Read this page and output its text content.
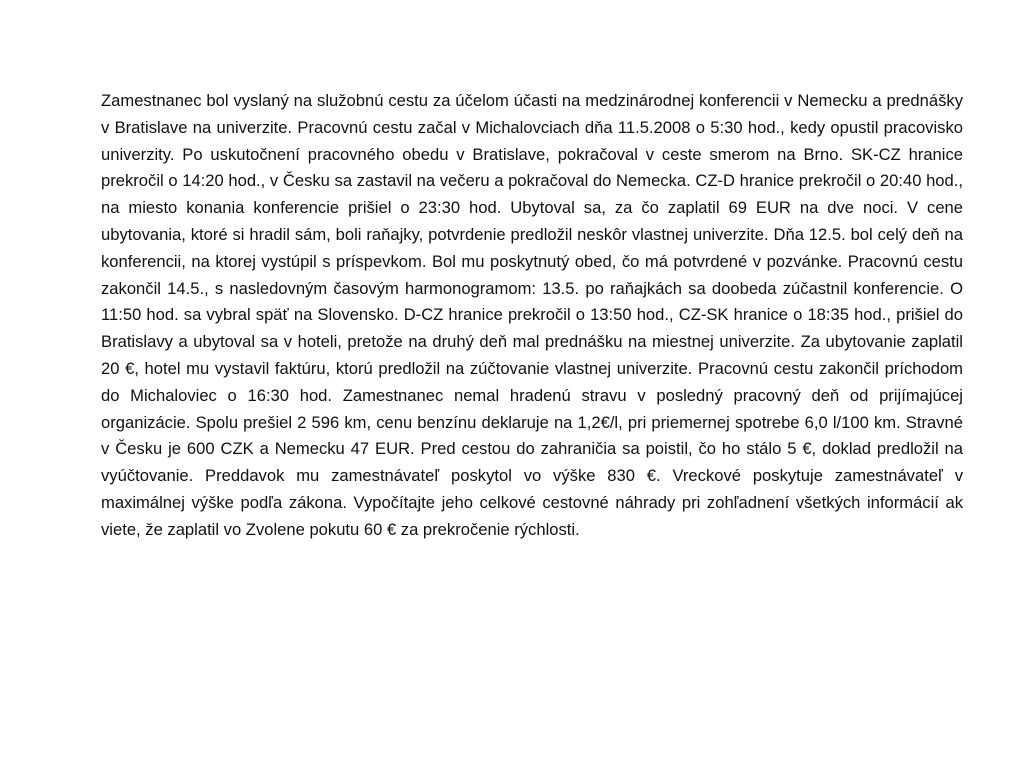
Zamestnanec bol vyslaný na služobnú cestu za účelom účasti na medzinárodnej konferencii v Nemecku a prednášky v Bratislave na univerzite. Pracovnú cestu začal v Michalovciach dňa 11.5.2008 o 5:30 hod., kedy opustil pracovisko univerzity. Po uskutočnení pracovného obedu v Bratislave, pokračoval v ceste smerom na Brno. SK-CZ hranice prekročil o 14:20 hod., v Česku sa zastavil na večeru a pokračoval do Nemecka. CZ-D hranice prekročil o 20:40 hod., na miesto konania konferencie prišiel o 23:30 hod. Ubytoval sa, za čo zaplatil 69 EUR na dve noci. V cene ubytovania, ktoré si hradil sám, boli raňajky, potvrdenie predložil neskôr vlastnej univerzite. Dňa 12.5. bol celý deň na konferencii, na ktorej vystúpil s príspevkom. Bol mu poskytnutý obed, čo má potvrdené v pozvánke. Pracovnú cestu zakončil 14.5., s nasledovným časovým harmonogramom: 13.5. po raňajkách sa doobeda zúčastnil konferencie. O 11:50 hod. sa vybral späť na Slovensko. D-CZ hranice prekročil o 13:50 hod., CZ-SK hranice o 18:35 hod., prišiel do Bratislavy a ubytoval sa v hoteli, pretože na druhý deň mal prednášku na miestnej univerzite. Za ubytovanie zaplatil 20 €, hotel mu vystavil faktúru, ktorú predložil na zúčtovanie vlastnej univerzite. Pracovnú cestu zakončil príchodom do Michaloviec o 16:30 hod. Zamestnanec nemal hradenú stravu v posledný pracovný deň od prijímajúcej organizácie. Spolu prešiel 2 596 km, cenu benzínu deklaruje na 1,2€/l, pri priemernej spotrebe 6,0 l/100 km. Stravné v Česku je 600 CZK a Nemecku 47 EUR. Pred cestou do zahraničia sa poistil, čo ho stálo 5 €, doklad predložil na vyúčtovanie. Preddavok mu zamestnávateľ poskytol vo výške 830 €. Vreckové poskytuje zamestnávateľ v maximálnej výške podľa zákona. Vypočítajte jeho celkové cestovné náhrady pri zohľadnení všetkých informácií ak viete, že zaplatil vo Zvolene pokutu 60 € za prekročenie rýchlosti.
